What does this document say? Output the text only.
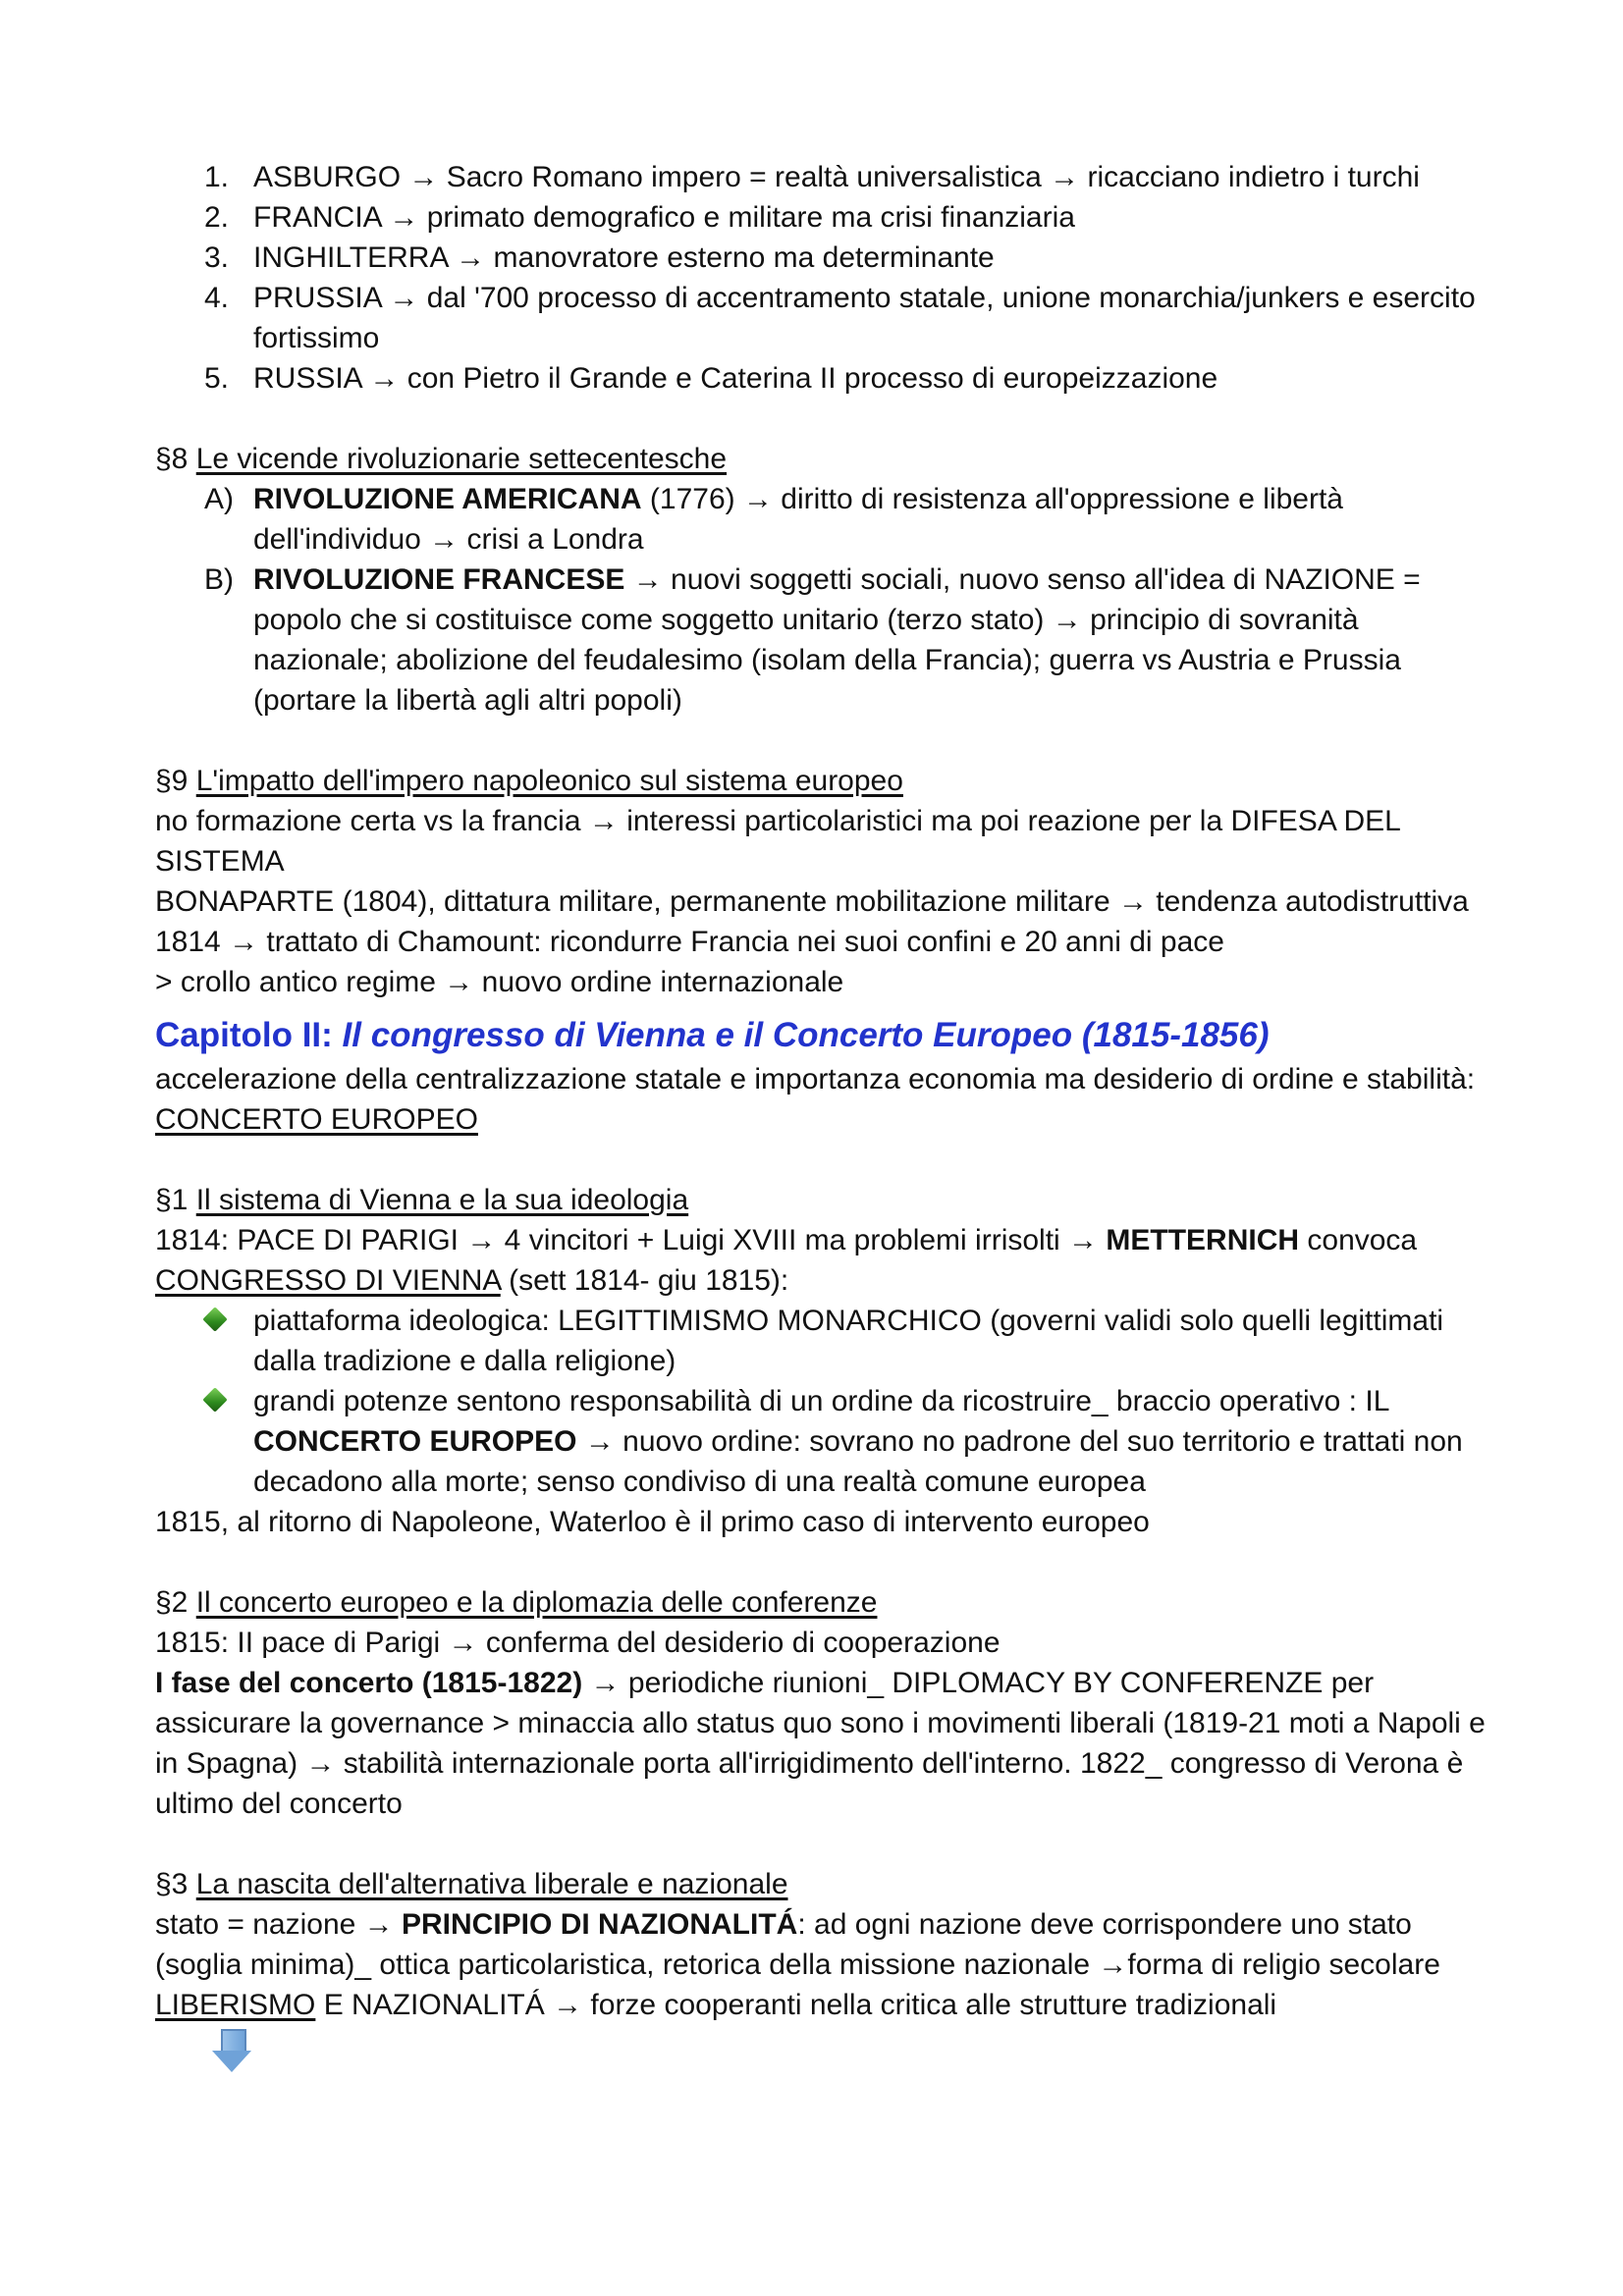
1. ASBURGO → Sacro Romano impero = realtà universalistica → ricacciano indietro i turchi
2. FRANCIA → primato demografico e militare ma crisi finanziaria
3. INGHILTERRA → manovratore esterno ma determinante
4. PRUSSIA → dal '700 processo di accentramento statale, unione monarchia/junkers e esercito fortissimo
5. RUSSIA → con Pietro il Grande e Caterina II processo di europeizzazione
§8 Le vicende rivoluzionarie settecentesche
A) RIVOLUZIONE AMERICANA (1776) → diritto di resistenza all'oppressione e libertà dell'individuo → crisi a Londra
B) RIVOLUZIONE FRANCESE → nuovi soggetti sociali, nuovo senso all'idea di NAZIONE = popolo che si costituisce come soggetto unitario (terzo stato) → principio di sovranità nazionale; abolizione del feudalesimo (isolam della Francia); guerra vs Austria e Prussia (portare la libertà agli altri popoli)
§9 L'impatto dell'impero napoleonico sul sistema europeo
no formazione certa vs la francia → interessi particolaristici ma poi reazione per la DIFESA DEL SISTEMA
BONAPARTE (1804), dittatura militare, permanente mobilitazione militare → tendenza autodistruttiva
1814 → trattato di Chamount: ricondurre Francia nei suoi confini e 20 anni di pace
> crollo antico regime → nuovo ordine internazionale
Capitolo II: Il congresso di Vienna e il Concerto Europeo (1815-1856)
accelerazione della centralizzazione statale e importanza economia ma desiderio di ordine e stabilità: CONCERTO EUROPEO
§1 Il sistema di Vienna e la sua ideologia
1814: PACE DI PARIGI → 4 vincitori + Luigi XVIII ma problemi irrisolti → METTERNICH convoca CONGRESSO DI VIENNA (sett 1814- giu 1815):
piattaforma ideologica: LEGITTIMISMO MONARCHICO (governi validi solo quelli legittimati dalla tradizione e dalla religione)
grandi potenze sentono responsabilità di un ordine da ricostruire_ braccio operativo : IL CONCERTO EUROPEO → nuovo ordine: sovrano no padrone del suo territorio e trattati non decadono alla morte; senso condiviso di una realtà comune europea
1815, al ritorno di Napoleone, Waterloo è il primo caso di intervento europeo
§2 Il concerto europeo e la diplomazia delle conferenze
1815: II pace di Parigi → conferma del desiderio di cooperazione
I fase del concerto (1815-1822) → periodiche riunioni_ DIPLOMACY BY CONFERENZE per assicurare la governance > minaccia allo status quo sono i movimenti liberali (1819-21 moti a Napoli e in Spagna) → stabilità internazionale porta all'irrigidimento dell'interno. 1822_ congresso di Verona è ultimo del concerto
§3 La nascita dell'alternativa liberale e nazionale
stato = nazione → PRINCIPIO DI NAZIONALITÁ: ad ogni nazione deve corrispondere uno stato (soglia minima)_ ottica particolaristica, retorica della missione nazionale →forma di religio secolare
LIBERISMO E NAZIONALITÁ → forze cooperanti nella critica alle strutture tradizionali
